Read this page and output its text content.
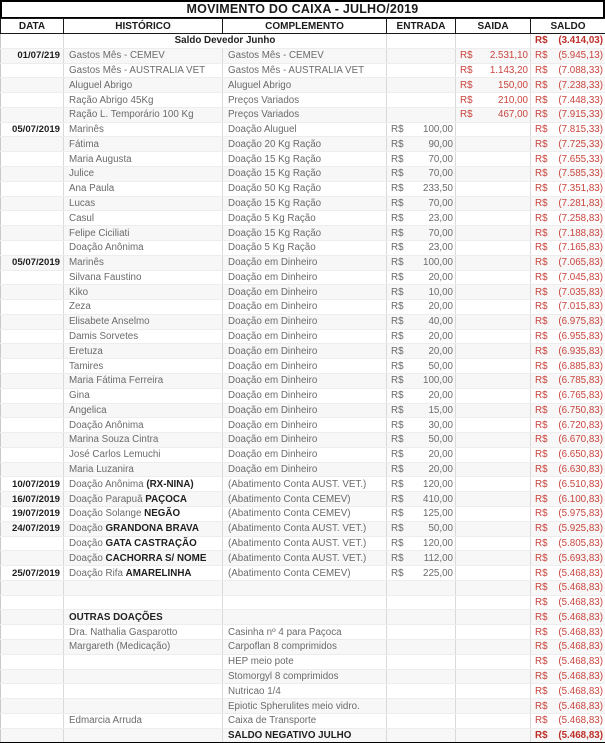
MOVIMENTO DO CAIXA - JULHO/2019
DATA	HISTÓRICO	COMPLEMENTO	ENTRADA	SAIDA	SALDO
	Saldo Devedor Junho				R$ (3.414,03)

01/07/219	Gastos Mês - CEMEV	Gastos Mês - CEMEV		R$ 2.531,10	R$ (5.945,13)

	Gastos Mês - AUSTRALIA VET	Gastos Mês - AUSTRALIA VET		R$ 1.143,20	R$ (7.088,33)

	Aluguel Abrigo	Aluguel Abrigo		R$ 150,00	R$ (7.238,33)

	Ração Abrigo 45Kg	Preços Variados		R$ 210,00	R$ (7.448,33)

	Ração L. Temporário 100 Kg	Preços Variados		R$ 467,00	R$ (7.915,33)

05/07/2019	Marinês	Doação Aluguel	R$ 100,00		R$ (7.815,33)

	Fátima	Doação 20 Kg Ração	R$ 90,00		R$ (7.725,33)

	Maria Augusta	Doação 15 Kg Ração	R$ 70,00		R$ (7.655,33)

	Julice	Doação 15 Kg Ração	R$ 70,00		R$ (7.585,33)

	Ana Paula	Doação 50 Kg Ração	R$ 233,50		R$ (7.351,83)

	Lucas	Doação 15 Kg Ração	R$ 70,00		R$ (7.281,83)

	Casul	Doação 5 Kg Ração	R$ 23,00		R$ (7.258,83)

	Felipe Ciciliati	Doação 15 Kg Ração	R$ 70,00		R$ (7.188,83)

	Doação Anônima	Doação 5 Kg Ração	R$ 23,00		R$ (7.165,83)

05/07/2019	Marinês	Doação em Dinheiro	R$ 100,00		R$ (7.065,83)

	Silvana Faustino	Doação em Dinheiro	R$ 20,00		R$ (7.045,83)

	Kiko	Doação em Dinheiro	R$ 10,00		R$ (7.035,83)

	Zeza	Doação em Dinheiro	R$ 20,00		R$ (7.015,83)

	Elisabete Anselmo	Doação em Dinheiro	R$ 40,00		R$ (6.975,83)

	Damis Sorvetes	Doação em Dinheiro	R$ 20,00		R$ (6.955,83)

	Eretuza	Doação em Dinheiro	R$ 20,00		R$ (6.935,83)

	Tamires	Doação em Dinheiro	R$ 50,00		R$ (6.885,83)

	Maria Fátima Ferreira	Doação em Dinheiro	R$ 100,00		R$ (6.785,83)

	Gina	Doação em Dinheiro	R$ 20,00		R$ (6.765,83)

	Angelica	Doação em Dinheiro	R$ 15,00		R$ (6.750,83)

	Doação Anônima	Doação em Dinheiro	R$ 30,00		R$ (6.720,83)

	Marina Souza Cintra	Doação em Dinheiro	R$ 50,00		R$ (6.670,83)

	José Carlos Lemuchi	Doação em Dinheiro	R$ 20,00		R$ (6.650,83)

	Maria Luzanira	Doação em Dinheiro	R$ 20,00		R$ (6.630,83)

10/07/2019	Doação Anônima (RX-NINA)	(Abatimento Conta AUST. VET.)	R$ 120,00		R$ (6.510,83)

16/07/2019	Doação Parapuã PAÇOCA	(Abatimento Conta CEMEV)	R$ 410,00		R$ (6.100,83)

19/07/2019	Doação Solange NEGÃO	(Abatimento Conta CEMEV)	R$ 125,00		R$ (5.975,83)

24/07/2019	Doação GRANDONA BRAVA	(Abatimento Conta AUST. VET.)	R$ 50,00		R$ (5.925,83)

	Doação GATA CASTRAÇÃO	(Abatimento Conta AUST. VET.)	R$ 120,00		R$ (5.805,83)

	Doação CACHORRA S/ NOME	(Abatimento Conta AUST. VET.)	R$ 112,00		R$ (5.693,83)

25/07/2019	Doação Rifa AMARELINHA	(Abatimento Conta CEMEV)	R$ 225,00		R$ (5.468,83)

					R$ (5.468,83)

					R$ (5.468,83)

	OUTRAS DOAÇÕES				R$ (5.468,83)

	Dra. Nathalia Gasparotto	Casinha nº 4 para Paçoca			R$ (5.468,83)

	Margareth (Medicação)	Carpoflan 8 comprimidos			R$ (5.468,83)

		HEP meio pote			R$ (5.468,83)

		Stomorgyl 8 comprimidos			R$ (5.468,83)

		Nutricao 1/4			R$ (5.468,83)

		Epiotic Spherulites meio vidro.			R$ (5.468,83)

	Edmarcia Arruda	Caixa de Transporte			R$ (5.468,83)

		SALDO NEGATIVO JULHO			R$ (5.468,83)
